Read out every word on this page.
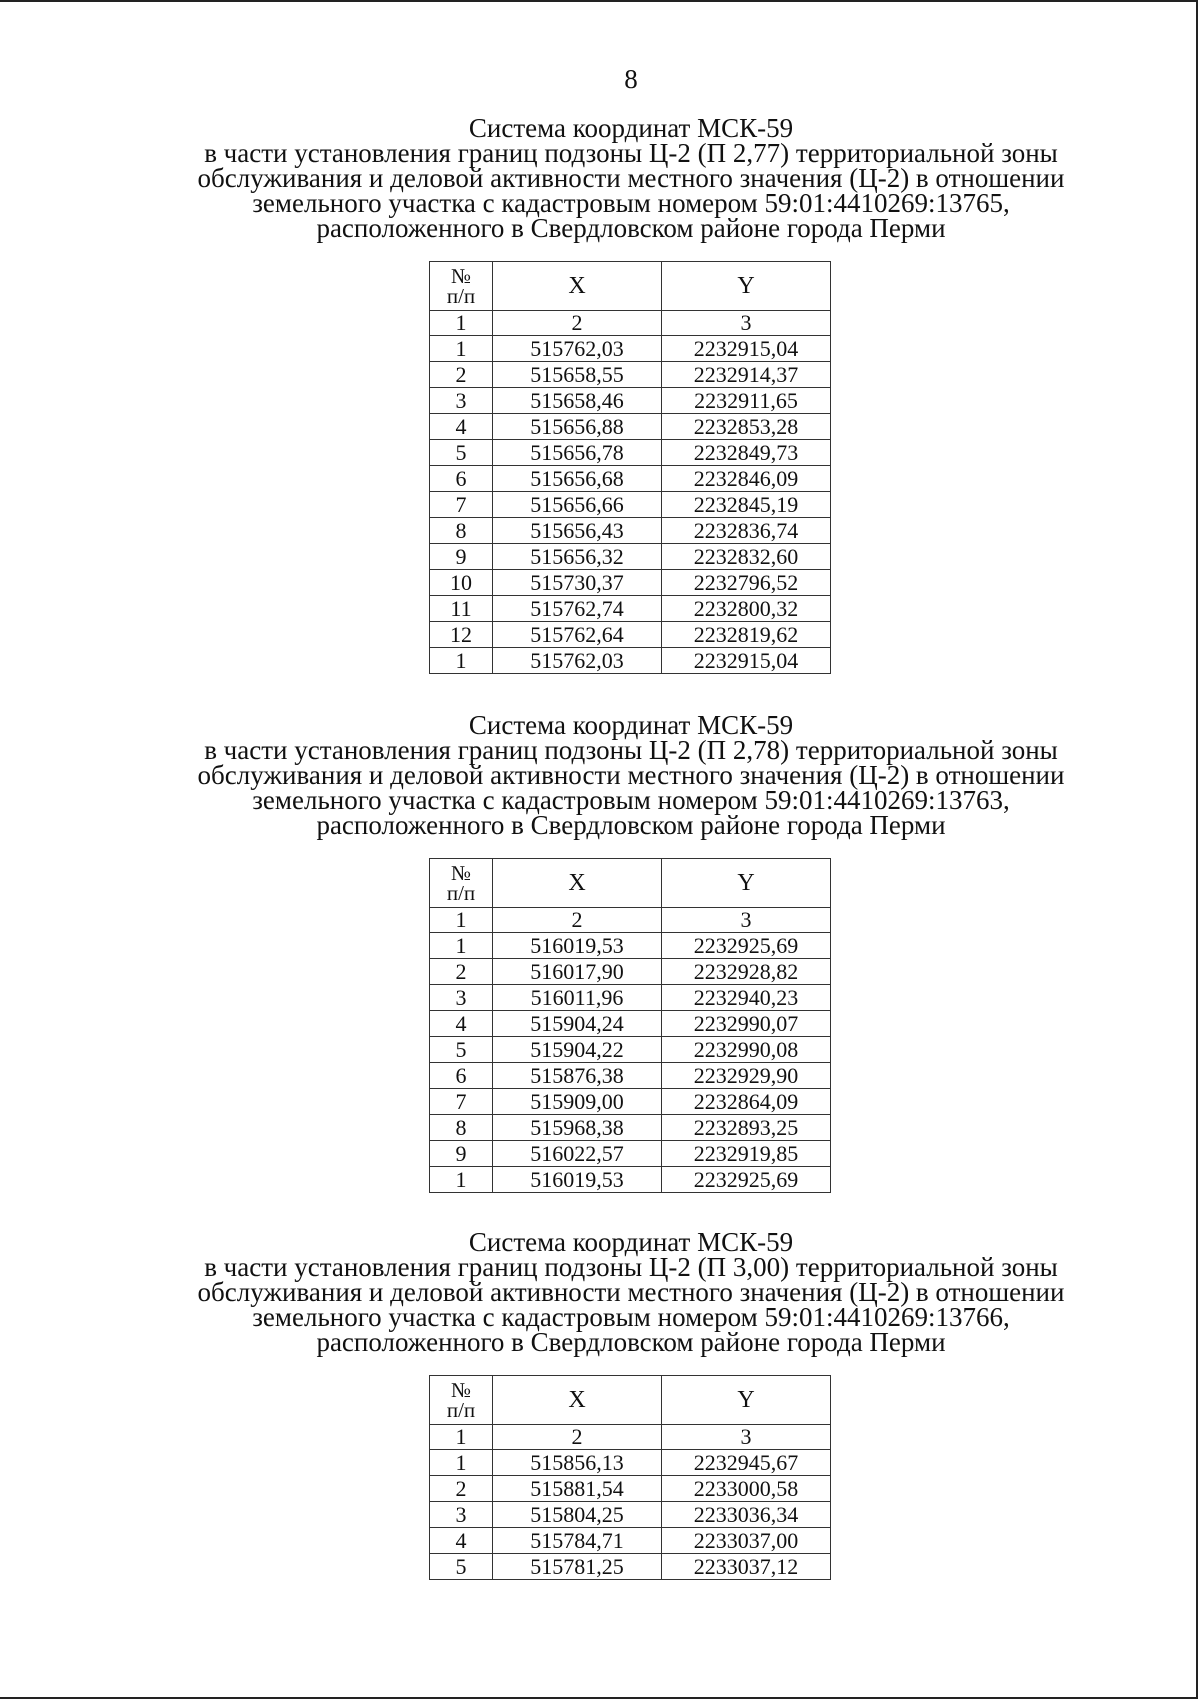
8
Система координат МСК-59
в части установления границ подзоны Ц-2 (П 2,77) территориальной зоны
обслуживания и деловой активности местного значения (Ц-2) в отношении
земельного участка с кадастровым номером 59:01:4410269:13765,
расположенного в Свердловском районе города Перми
№
п/п	X	Y
1	2	3
1	515762,03	2232915,04
2	515658,55	2232914,37
3	515658,46	2232911,65
4	515656,88	2232853,28
5	515656,78	2232849,73
6	515656,68	2232846,09
7	515656,66	2232845,19
8	515656,43	2232836,74
9	515656,32	2232832,60
10	515730,37	2232796,52
11	515762,74	2232800,32
12	515762,64	2232819,62
1	515762,03	2232915,04
Система координат МСК-59
в части установления границ подзоны Ц-2 (П 2,78) территориальной зоны
обслуживания и деловой активности местного значения (Ц-2) в отношении
земельного участка с кадастровым номером 59:01:4410269:13763,
расположенного в Свердловском районе города Перми
№
п/п	X	Y
1	2	3
1	516019,53	2232925,69
2	516017,90	2232928,82
3	516011,96	2232940,23
4	515904,24	2232990,07
5	515904,22	2232990,08
6	515876,38	2232929,90
7	515909,00	2232864,09
8	515968,38	2232893,25
9	516022,57	2232919,85
1	516019,53	2232925,69
Система координат МСК-59
в части установления границ подзоны Ц-2 (П 3,00) территориальной зоны
обслуживания и деловой активности местного значения (Ц-2) в отношении
земельного участка с кадастровым номером 59:01:4410269:13766,
расположенного в Свердловском районе города Перми
№
п/п	X	Y
1	2	3
1	515856,13	2232945,67
2	515881,54	2233000,58
3	515804,25	2233036,34
4	515784,71	2233037,00
5	515781,25	2233037,12
